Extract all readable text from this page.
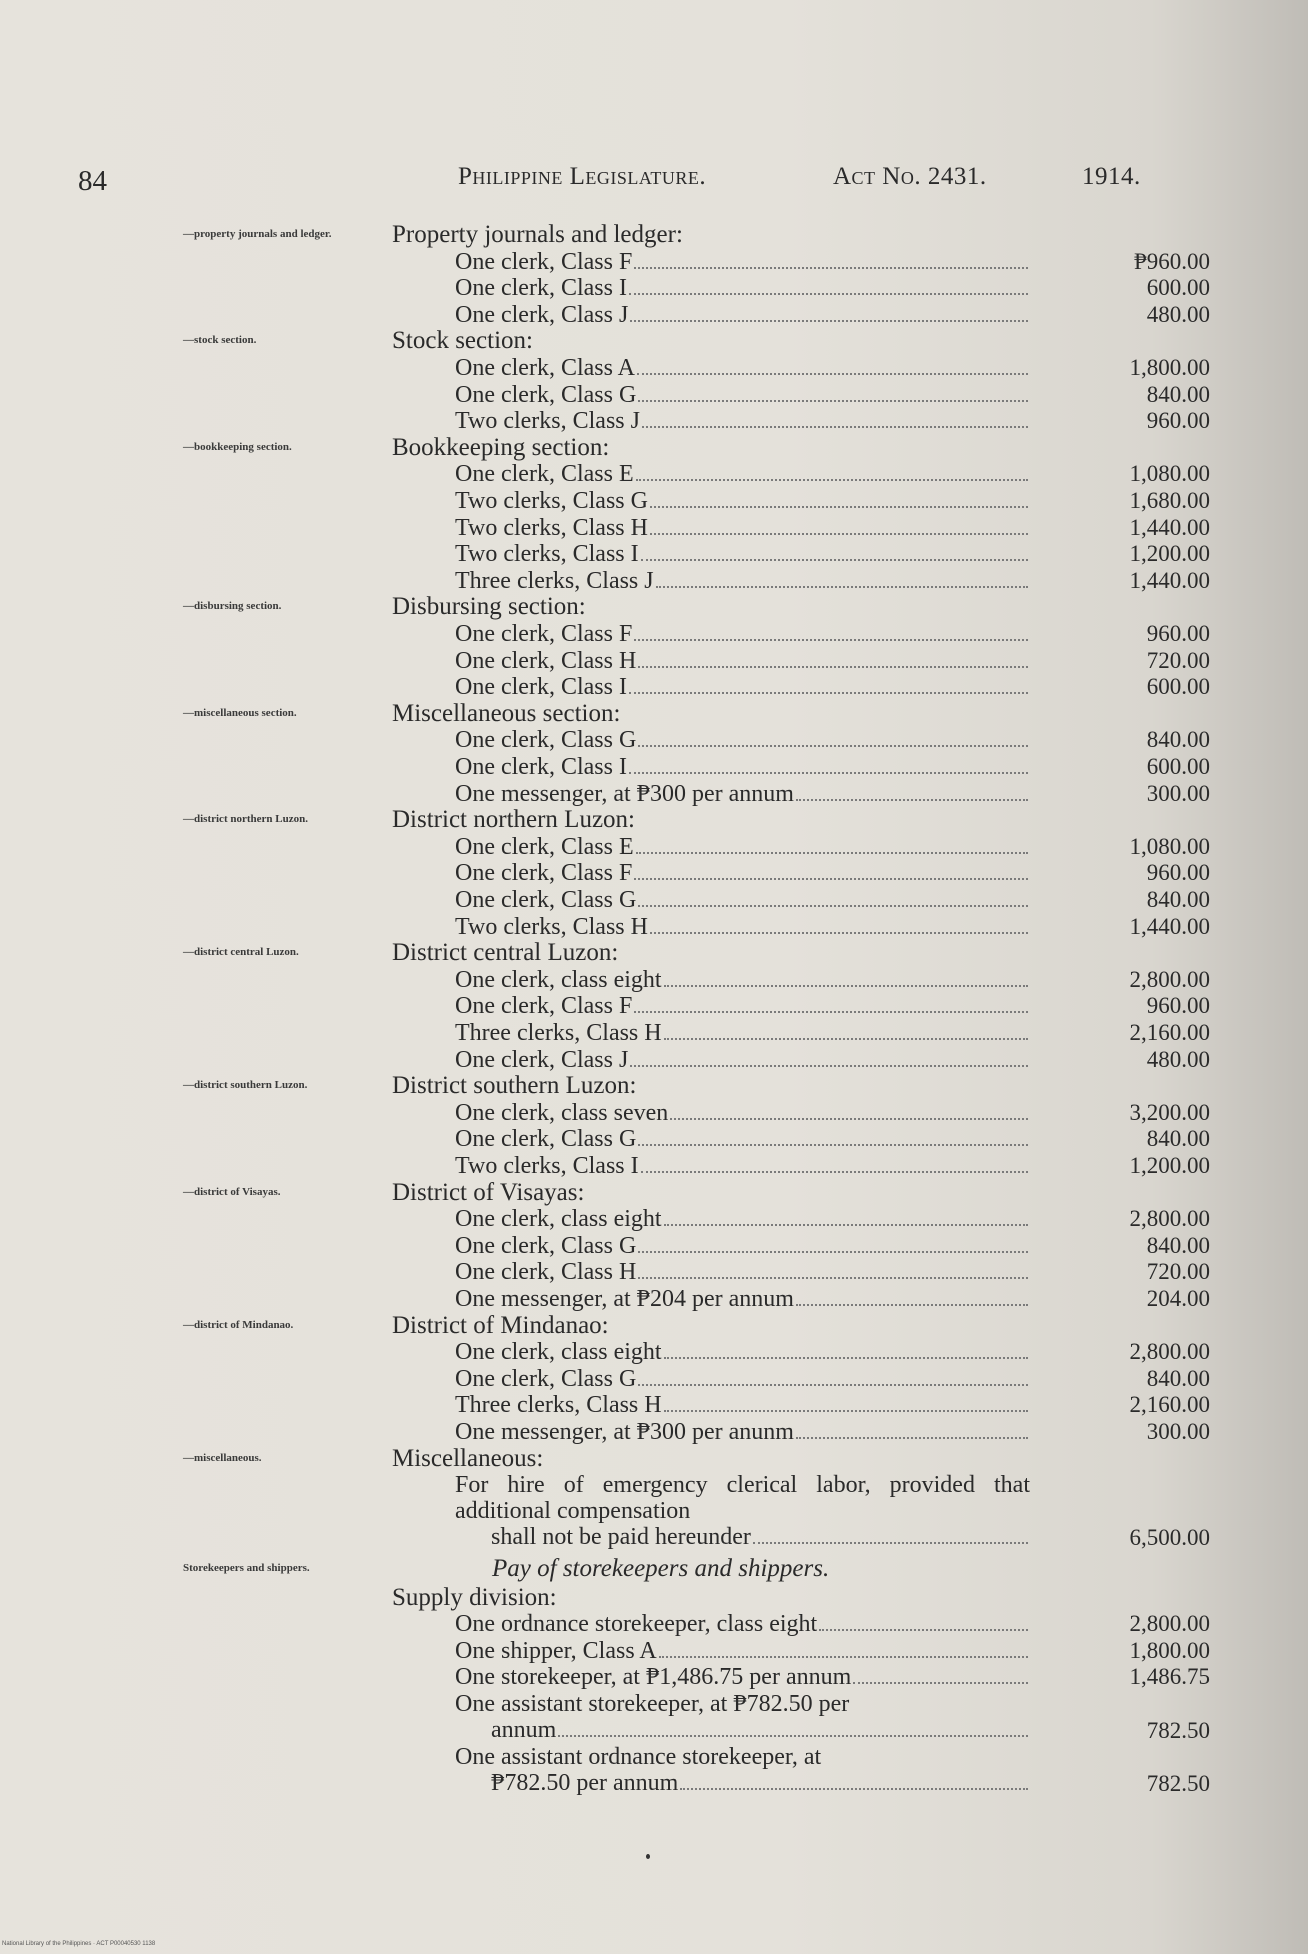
84	Philippine Legislature.	Act No. 2431.	1914.
—property journals and ledger.	Property journals and ledger:
One clerk, Class F	₱960.00
One clerk, Class I	600.00
One clerk, Class J	480.00
—stock section.	Stock section:
One clerk, Class A	1,800.00
One clerk, Class G	840.00
Two clerks, Class J	960.00
—bookkeeping section.	Bookkeeping section:
One clerk, Class E	1,080.00
Two clerks, Class G	1,680.00
Two clerks, Class H	1,440.00
Two clerks, Class I	1,200.00
Three clerks, Class J	1,440.00
—disbursing section.	Disbursing section:
One clerk, Class F	960.00
One clerk, Class H	720.00
One clerk, Class I	600.00
—miscellaneous section.	Miscellaneous section:
One clerk, Class G	840.00
One clerk, Class I	600.00
One messenger, at ₱300 per annum	300.00
—district northern Luzon.	District northern Luzon:
One clerk, Class E	1,080.00
One clerk, Class F	960.00
One clerk, Class G	840.00
Two clerks, Class H	1,440.00
—district central Luzon.	District central Luzon:
One clerk, class eight	2,800.00
One clerk, Class F	960.00
Three clerks, Class H	2,160.00
One clerk, Class J	480.00
—district southern Luzon.	District southern Luzon:
One clerk, class seven	3,200.00
One clerk, Class G	840.00
Two clerks, Class I	1,200.00
—district of Visayas.	District of Visayas:
One clerk, class eight	2,800.00
One clerk, Class G	840.00
One clerk, Class H	720.00
One messenger, at ₱204 per annum	204.00
—district of Mindanao.	District of Mindanao:
One clerk, class eight	2,800.00
One clerk, Class G	840.00
Three clerks, Class H	2,160.00
One messenger, at ₱300 per anunm	300.00
—miscellaneous.	Miscellaneous:
For hire of emergency clerical labor, provided that additional compensation
shall not be paid hereunder	6,500.00
Storekeepers and shippers.	Pay of storekeepers and shippers.
Supply division:
One ordnance storekeeper, class eight	2,800.00
One shipper, Class A	1,800.00
One storekeeper, at ₱1,486.75 per annum	1,486.75
One assistant storekeeper, at ₱782.50 per
annum	782.50
One assistant ordnance storekeeper, at
₱782.50 per annum	782.50
National Library of the Philippines · ACT P00040530 1138
